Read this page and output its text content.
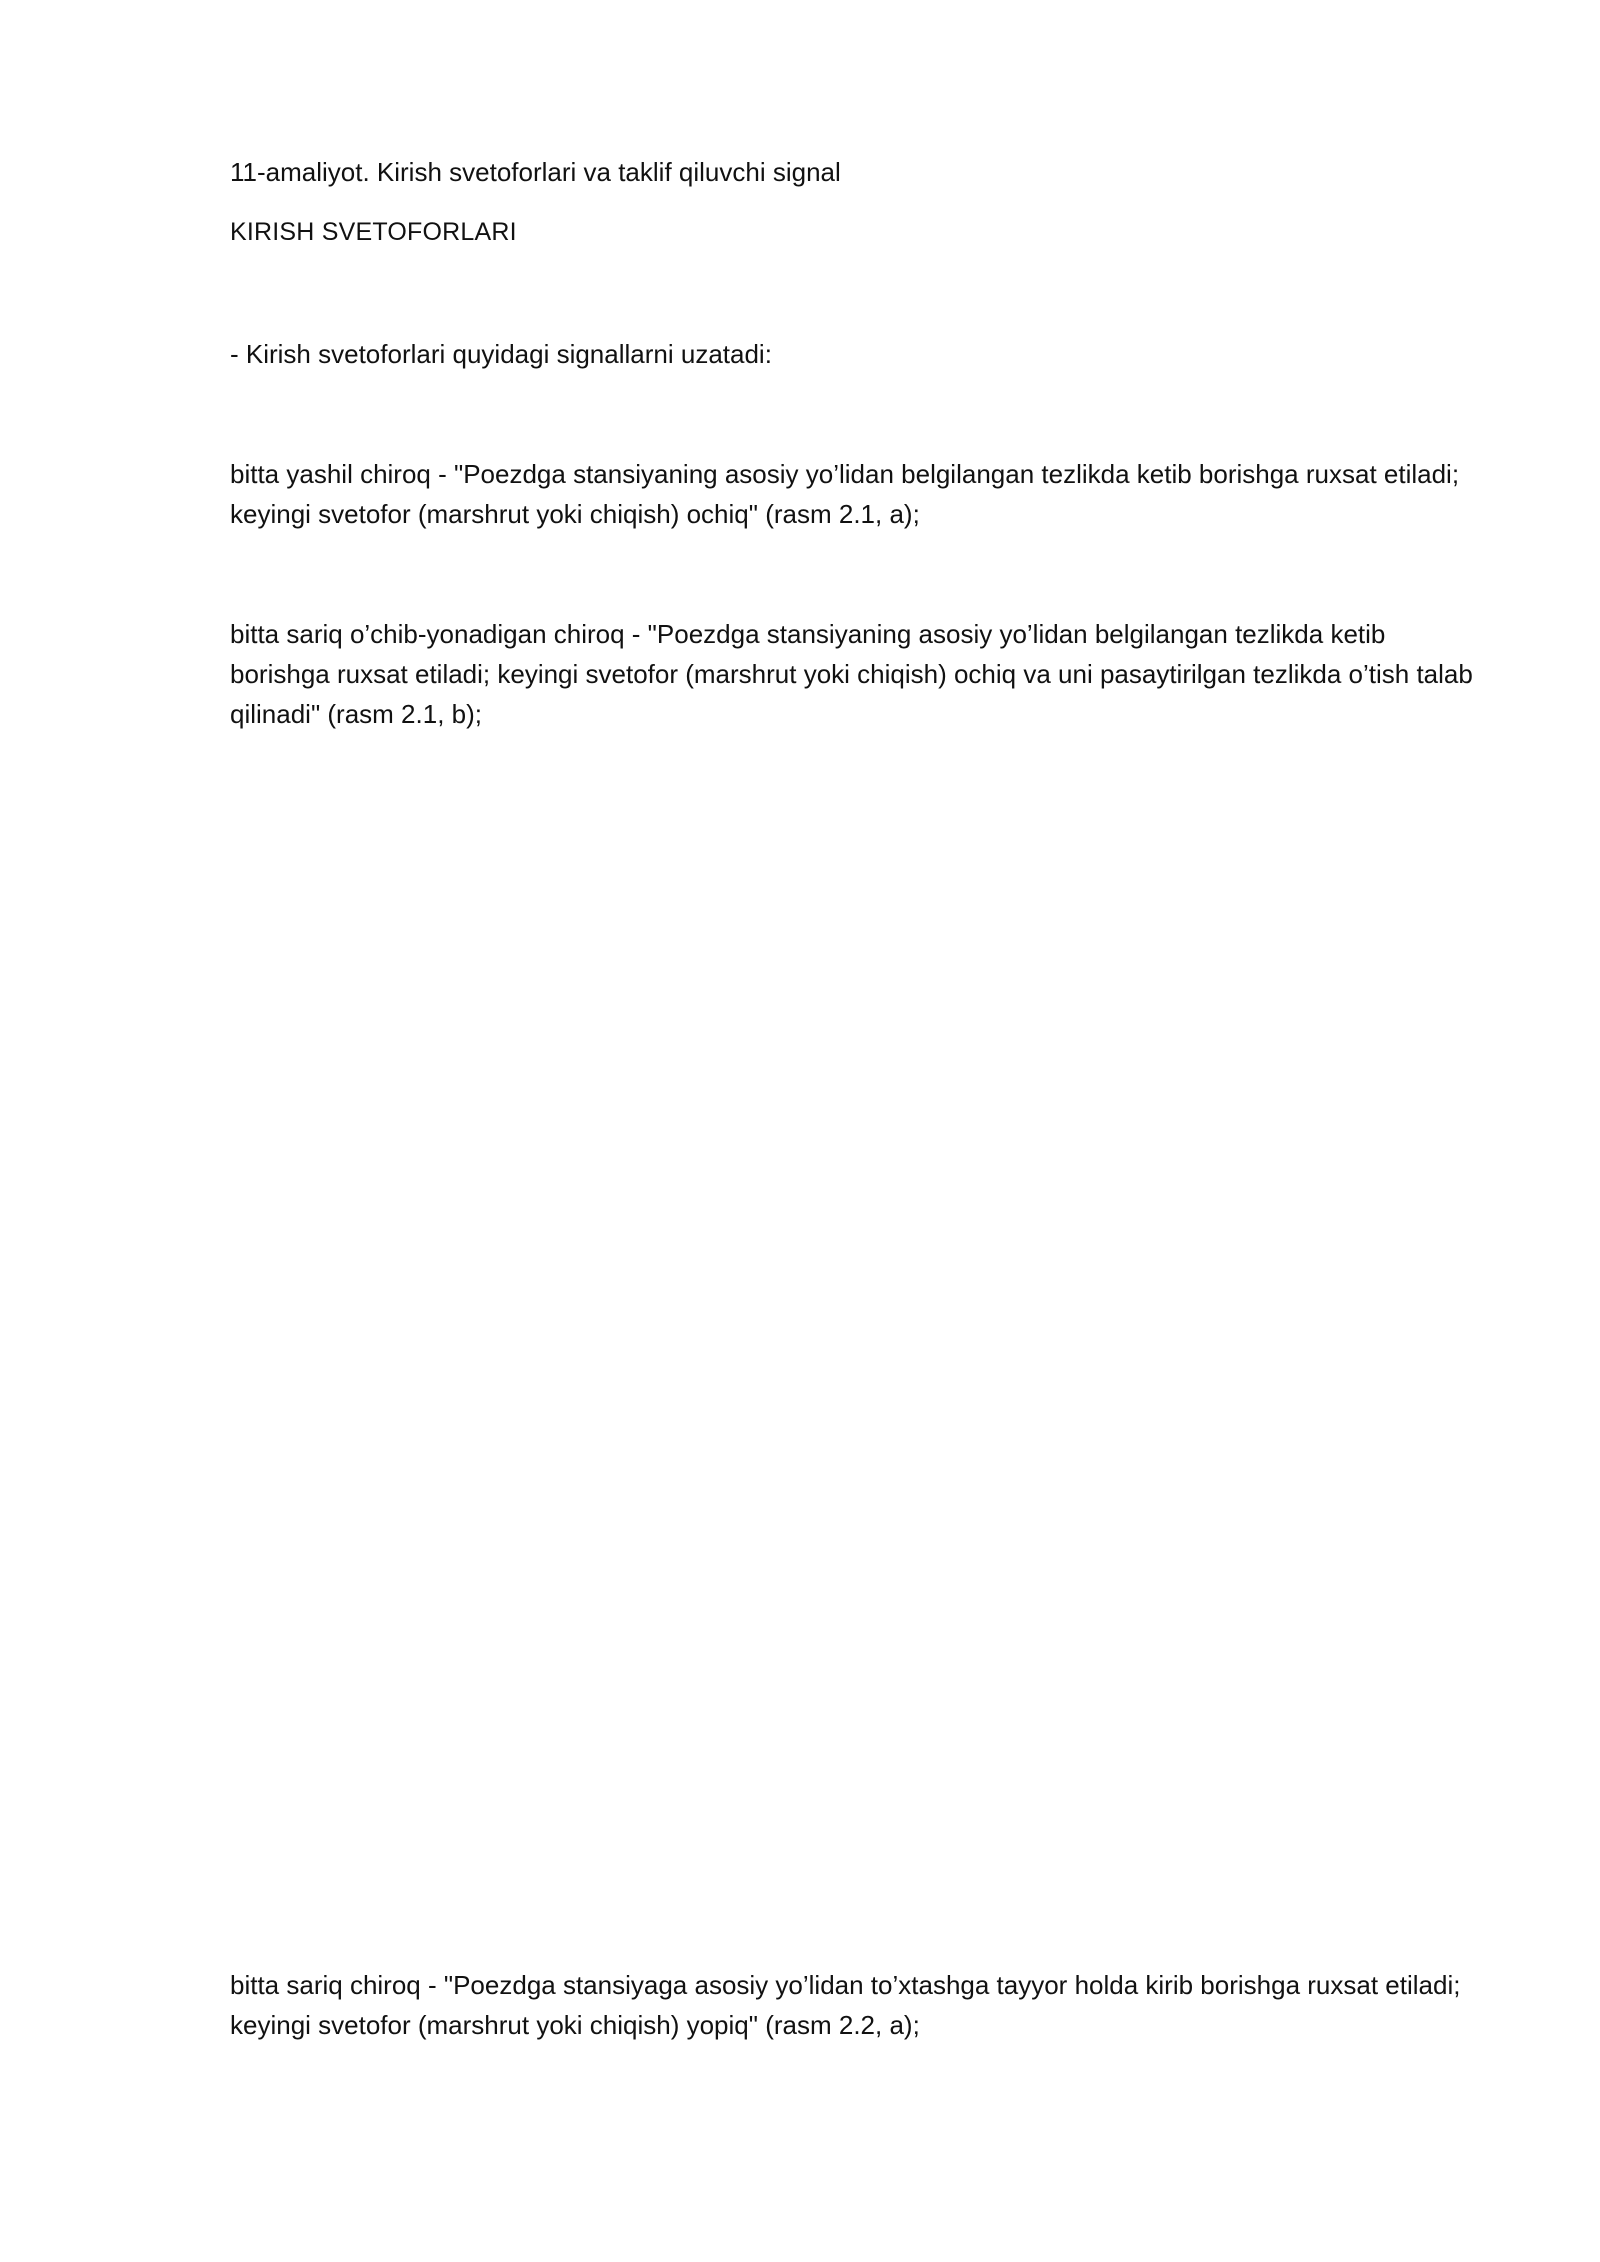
11-amaliyot. Kirish svetoforlari va taklif qiluvchi signal

KIRISH SVETOFORLARI

- Kirish svetoforlari quyidagi signallarni uzatadi:

bitta yashil chiroq - "Poezdga stansiyaning asosiy yo’lidan belgilangan tezlikda ketib borishga ruxsat etiladi; keyingi svetofor (marshrut yoki chiqish) ochiq" (rasm 2.1, a);

bitta sariq o’chib-yonadigan chiroq - "Poezdga stansiyaning asosiy yo’lidan belgilangan tezlikda ketib borishga ruxsat etiladi; keyingi svetofor (marshrut yoki chiqish) ochiq va uni pasaytirilgan tezlikda o’tish talab qilinadi" (rasm 2.1, b);

bitta sariq chiroq - "Poezdga stansiyaga asosiy yo’lidan to’xtashga tayyor holda kirib borishga ruxsat etiladi; keyingi svetofor (marshrut yoki chiqish) yopiq" (rasm 2.2, a);
